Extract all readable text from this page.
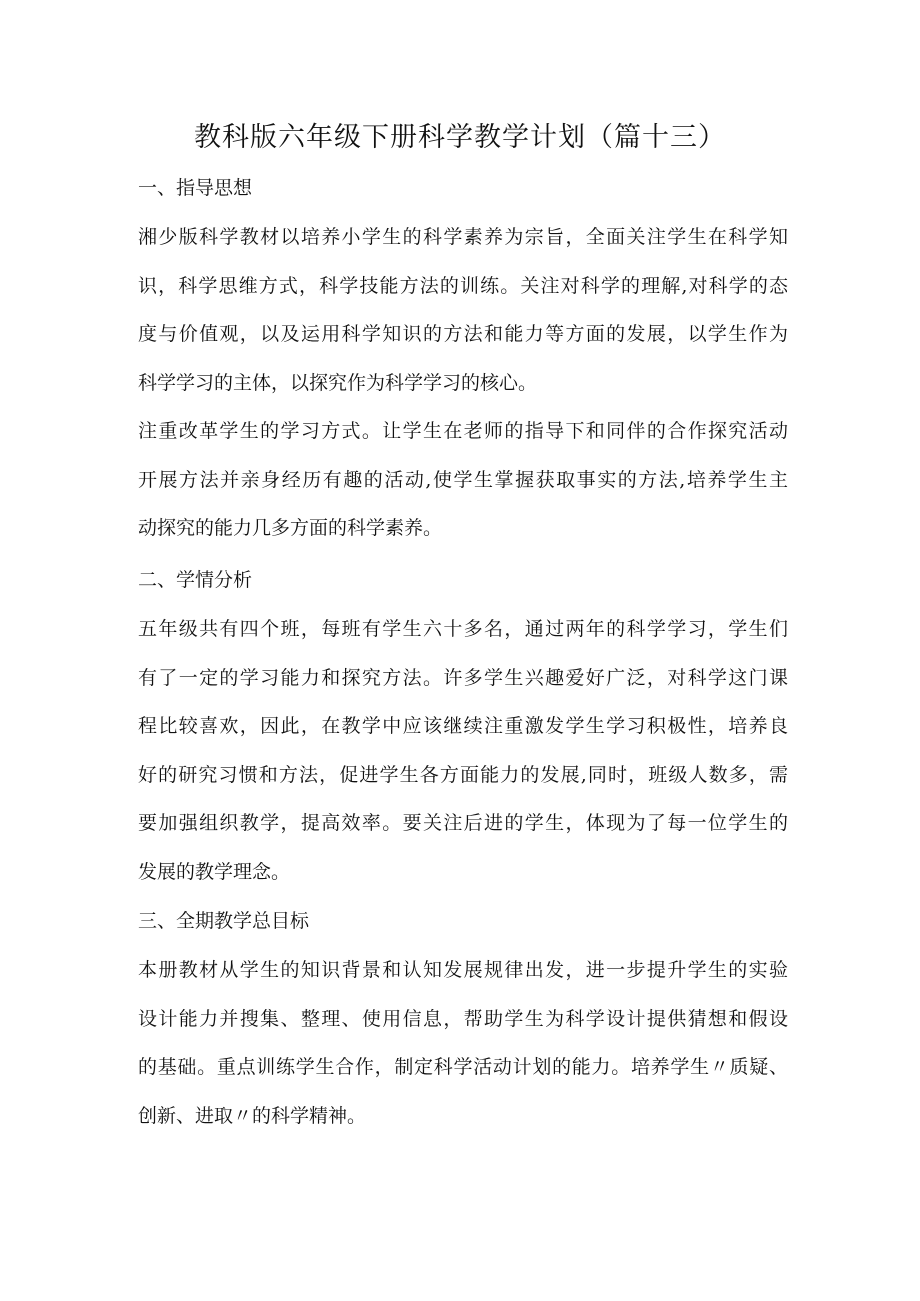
教科版六年级下册科学教学计划（篇十三）
一、指导思想
湘少版科学教材以培养小学生的科学素养为宗旨，全面关注学生在科学知
识，科学思维方式，科学技能方法的训练。关注对科学的理解,对科学的态
度与价值观，以及运用科学知识的方法和能力等方面的发展，以学生作为
科学学习的主体，以探究作为科学学习的核心。
注重改革学生的学习方式。让学生在老师的指导下和同伴的合作探究活动
开展方法并亲身经历有趣的活动,使学生掌握获取事实的方法,培养学生主
动探究的能力几多方面的科学素养。
二、学情分析
五年级共有四个班，每班有学生六十多名，通过两年的科学学习，学生们
有了一定的学习能力和探究方法。许多学生兴趣爱好广泛，对科学这门课
程比较喜欢，因此，在教学中应该继续注重激发学生学习积极性，培养良
好的研究习惯和方法，促进学生各方面能力的发展,同时，班级人数多，需
要加强组织教学，提高效率。要关注后进的学生，体现为了每一位学生的
发展的教学理念。
三、全期教学总目标
本册教材从学生的知识背景和认知发展规律出发，进一步提升学生的实验
设计能力并搜集、整理、使用信息，帮助学生为科学设计提供猜想和假设
的基础。重点训练学生合作，制定科学活动计划的能力。培养学生〃质疑、
创新、进取〃的科学精神。
